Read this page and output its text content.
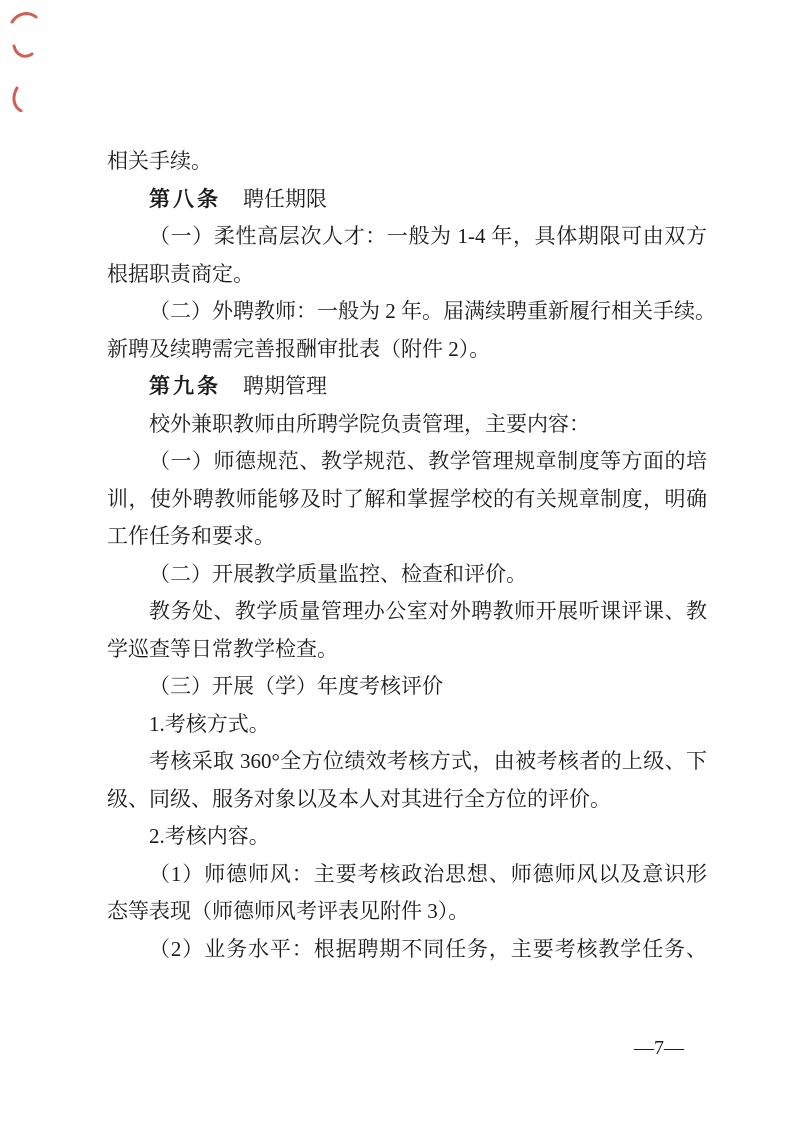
相关手续。
第八条 聘任期限
（一）柔性高层次人才：一般为 1-4 年，具体期限可由双方
根据职责商定。
（二）外聘教师：一般为 2 年。届满续聘重新履行相关手续。
新聘及续聘需完善报酬审批表（附件 2）。
第九条 聘期管理
校外兼职教师由所聘学院负责管理，主要内容：
（一）师德规范、教学规范、教学管理规章制度等方面的培
训，使外聘教师能够及时了解和掌握学校的有关规章制度，明确
工作任务和要求。
（二）开展教学质量监控、检查和评价。
教务处、教学质量管理办公室对外聘教师开展听课评课、教
学巡查等日常教学检查。
（三）开展（学）年度考核评价
1.考核方式。
考核采取 360°全方位绩效考核方式，由被考核者的上级、下
级、同级、服务对象以及本人对其进行全方位的评价。
2.考核内容。
（1）师德师风：主要考核政治思想、师德师风以及意识形
态等表现（师德师风考评表见附件 3）。
（2）业务水平：根据聘期不同任务，主要考核教学任务、
—7—
